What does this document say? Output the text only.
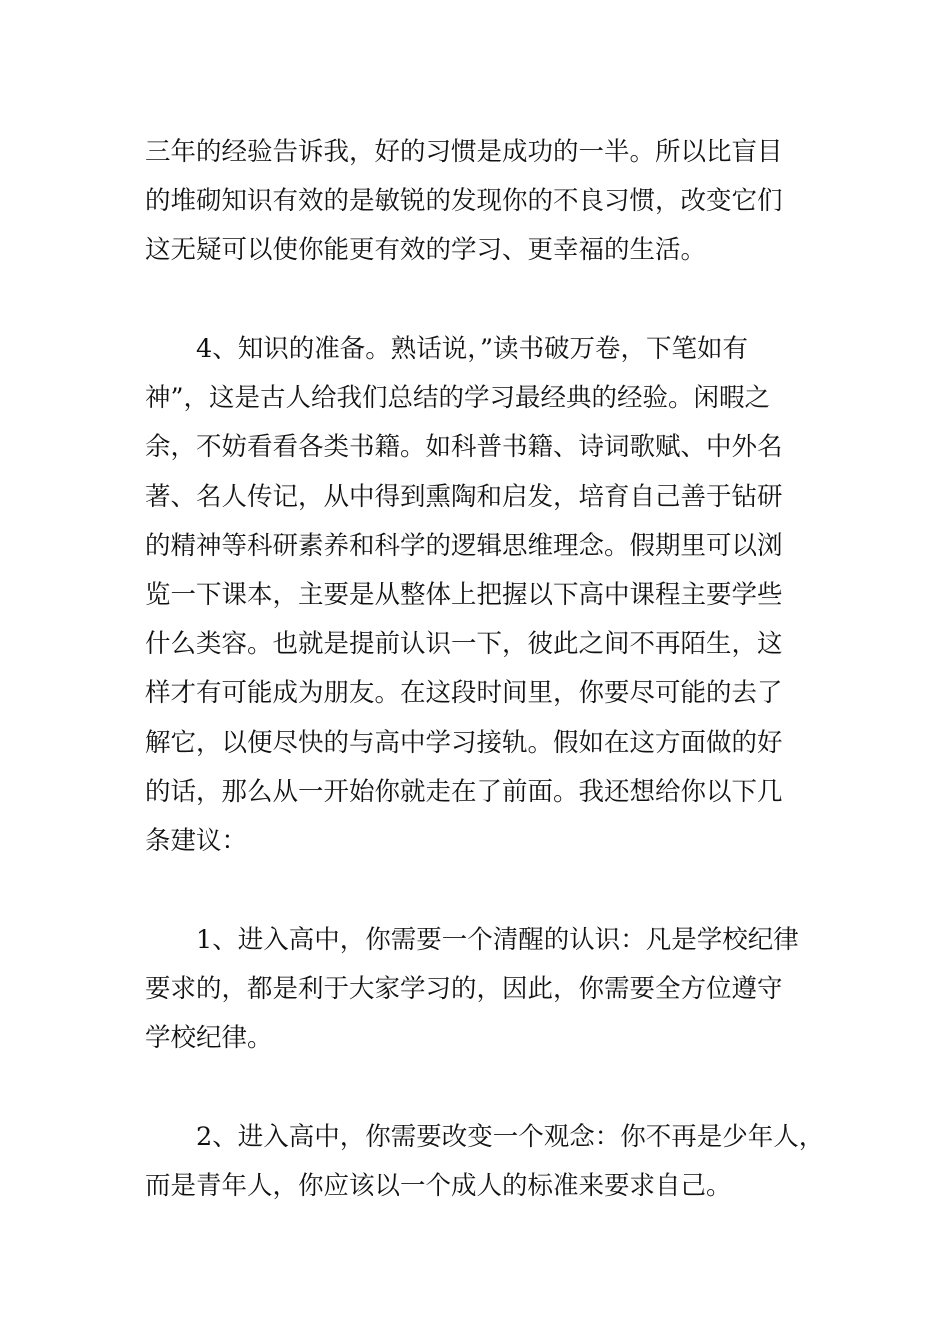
三年的经验告诉我，好的习惯是成功的一半。所以比盲目
的堆砌知识有效的是敏锐的发现你的不良习惯，改变它们
这无疑可以使你能更有效的学习、更幸福的生活。

　　4、知识的准备。熟话说，”读书破万卷，下笔如有
神”，这是古人给我们总结的学习最经典的经验。闲暇之
余，不妨看看各类书籍。如科普书籍、诗词歌赋、中外名
著、名人传记，从中得到熏陶和启发，培育自己善于钻研
的精神等科研素养和科学的逻辑思维理念。假期里可以浏
览一下课本，主要是从整体上把握以下高中课程主要学些
什么类容。也就是提前认识一下，彼此之间不再陌生，这
样才有可能成为朋友。在这段时间里，你要尽可能的去了
解它，以便尽快的与高中学习接轨。假如在这方面做的好
的话，那么从一开始你就走在了前面。我还想给你以下几
条建议：

　　1、进入高中，你需要一个清醒的认识：凡是学校纪律
要求的，都是利于大家学习的，因此，你需要全方位遵守
学校纪律。

　　2、进入高中，你需要改变一个观念：你不再是少年人，
而是青年人，你应该以一个成人的标准来要求自己。
